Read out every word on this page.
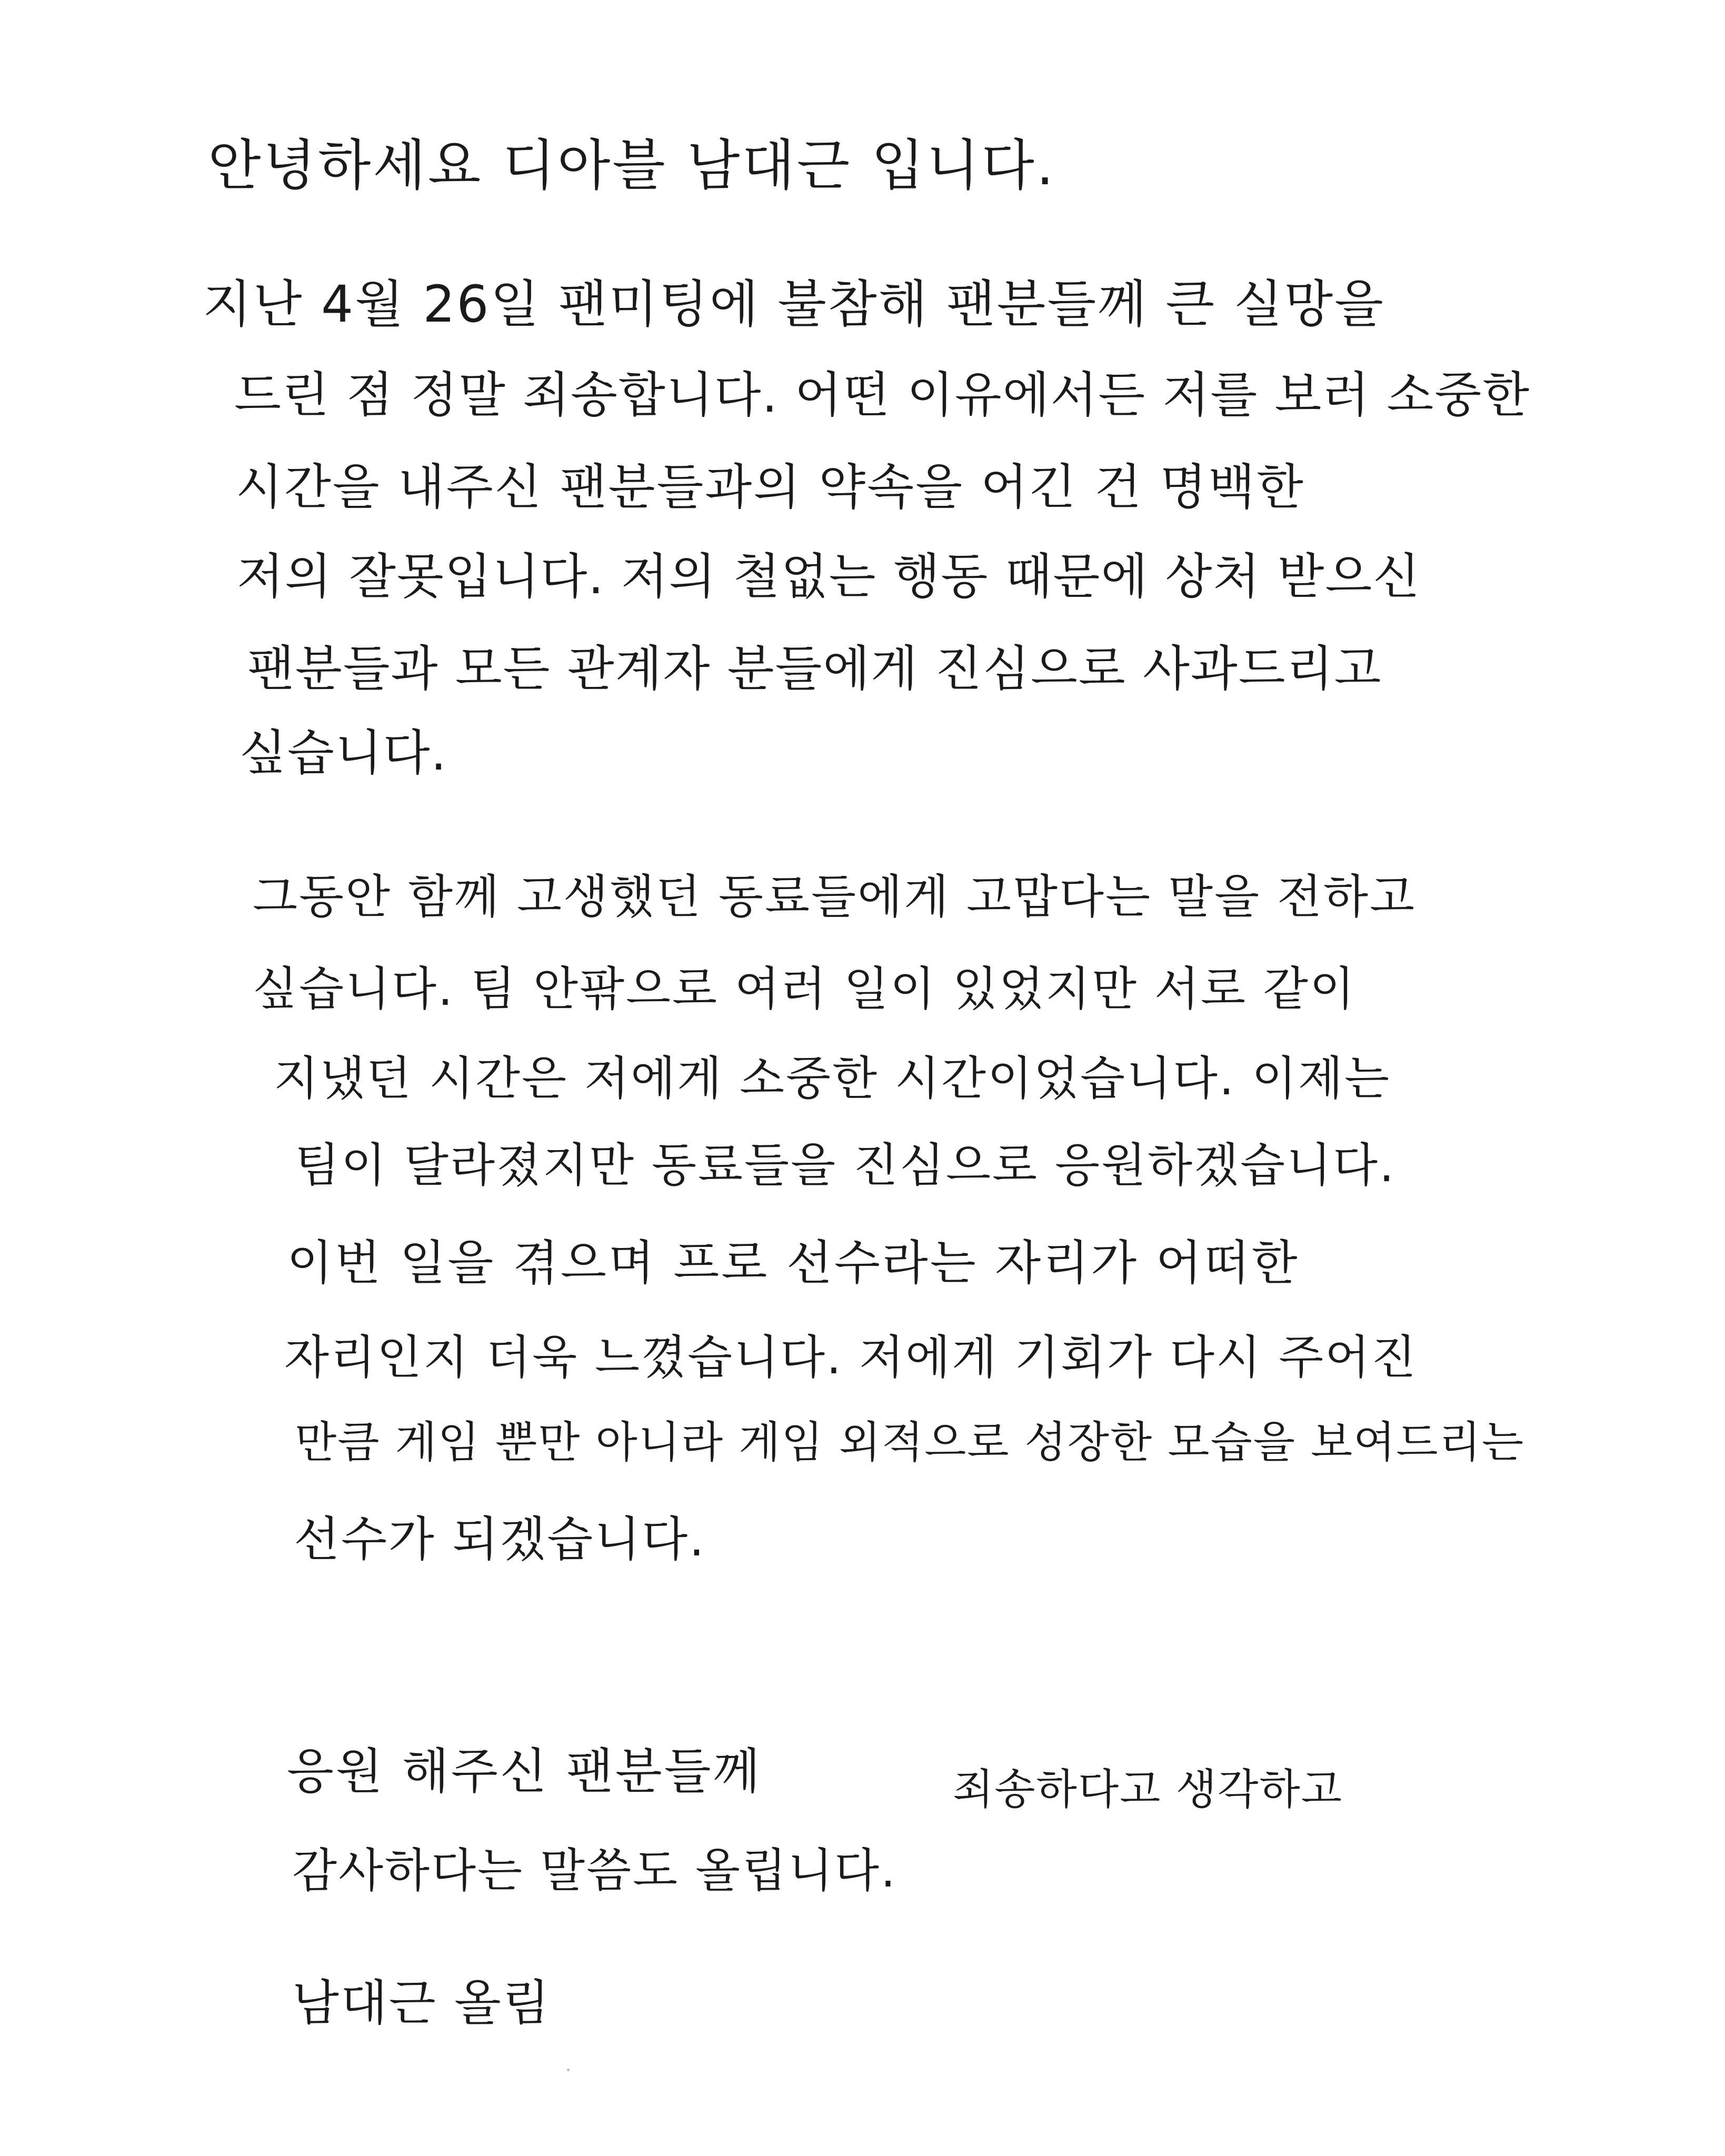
안녕하세요 디아블 남대근 입니다.

지난 4월 26일 팬미팅에 불참해 팬분들께 큰 실망을

드린 점 정말 죄송합니다. 어떤 이유에서든 저를 보러 소중한

시간을 내주신 팬분들과의 약속을 어긴 건 명백한

저의 잘못입니다. 저의 철없는 행동 때문에 상처 받으신

팬분들과 모든 관계자 분들에게 진심으로 사과드리고

싶습니다.

그동안 함께 고생했던 동료들에게 고맙다는 말을 전하고

싶습니다. 팀 안팎으로 여러 일이 있었지만 서로 같이

지냈던 시간은 저에게 소중한 시간이었습니다. 이제는

팀이 달라졌지만 동료들을 진심으로 응원하겠습니다.

이번 일을 겪으며 프로 선수라는 자리가 어떠한

자리인지 더욱 느꼈습니다. 저에게 기회가 다시 주어진

만큼 게임 뿐만 아니라 게임 외적으로 성장한 모습을 보여드리는

선수가 되겠습니다.

응원 해주신 팬분들께	죄송하다고 생각하고

감사하다는 말씀도 올립니다.

남대근 올림
